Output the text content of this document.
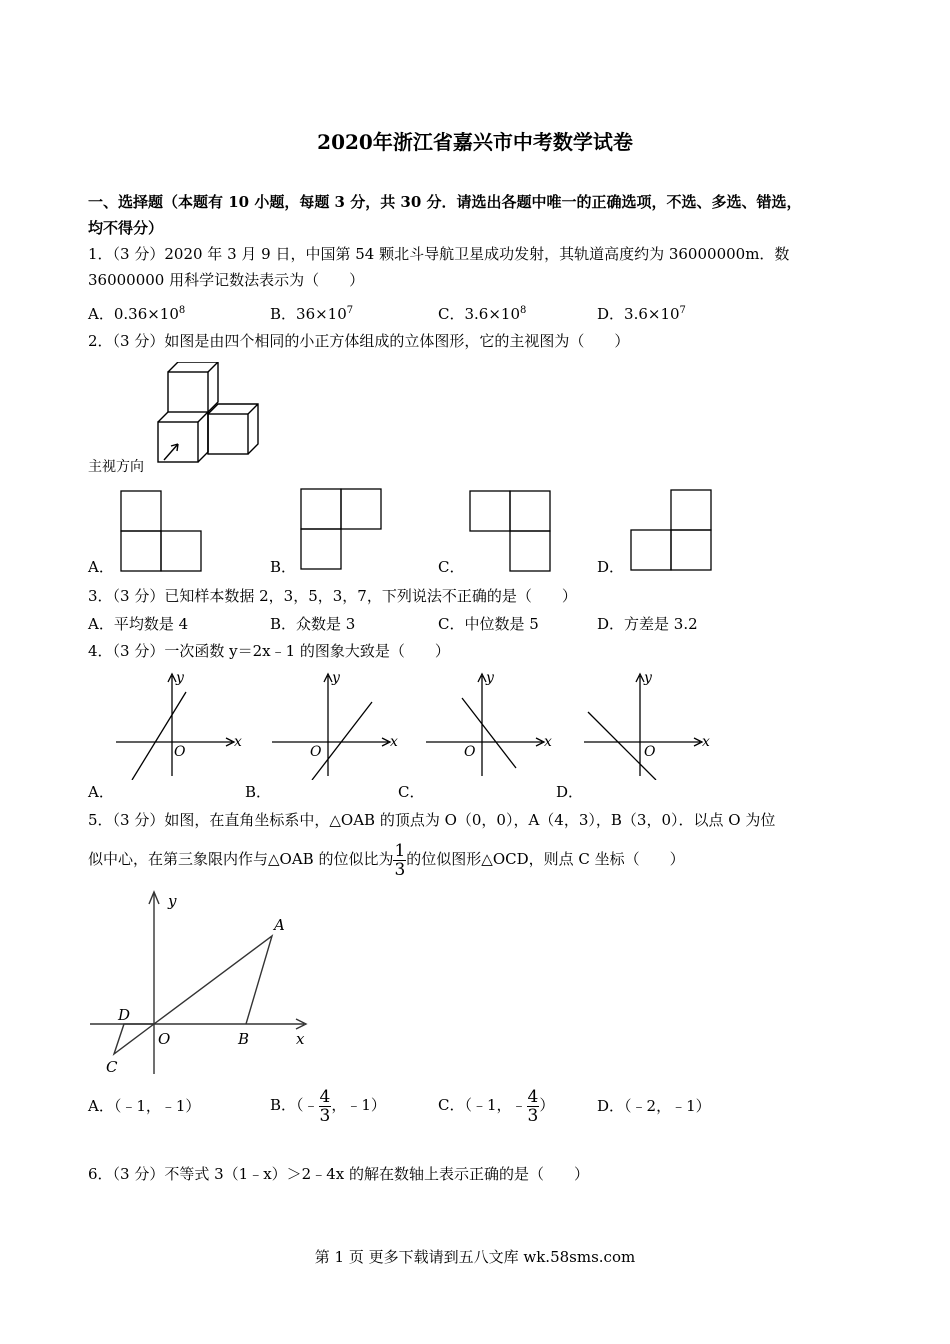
2020年浙江省嘉兴市中考数学试卷
一、选择题（本题有 10 小题，每题 3 分，共 30 分．请选出各题中唯一的正确选项，不选、多选、错选，
均不得分）
1．（3 分）2020 年 3 月 9 日，中国第 54 颗北斗导航卫星成功发射，其轨道高度约为 36000000m．数
36000000 用科学记数法表示为（　　）
A．$0.36\times 10^8$	B．$36\times 10^7$	C．$3.6\times 10^8$	D．$3.6\times 10^7$
2．（3 分）如图是由四个相同的小正方体组成的立体图形，它的主视图为（　　）
主视方向
A．	B．	C．	D．
3．（3 分）已知样本数据 2，3，5，3，7，下列说法不正确的是（　　）
A．平均数是 4	B．众数是 3	C．中位数是 5	D．方差是 3.2
4．（3 分）一次函数 y＝2x﹣1 的图象大致是（　　）
x
y
O
x
y
O
x
y
O
x
y
O
A．	B．	C．	D．
5．（3 分）如图，在直角坐标系中，△OAB 的顶点为 O（0，0），A（4，3），B（3，0）．以点 O 为位
似中心，在第三象限内作与△OAB 的位似比为 $\frac{1}{3}$ 的位似图形△OCD，则点 C 坐标（　　）
y
x
A
B
O
C
D
A．（﹣1，﹣1）	B．（﹣ $\frac{4}{3}$ ，﹣1）	C．（﹣1，﹣ $\frac{4}{3}$ ）	D．（﹣2，﹣1）
6．（3 分）不等式 3（1﹣x）＞2﹣4x 的解在数轴上表示正确的是（　　）
第 1 页 更多下载请到五八文库 wk.58sms.com
